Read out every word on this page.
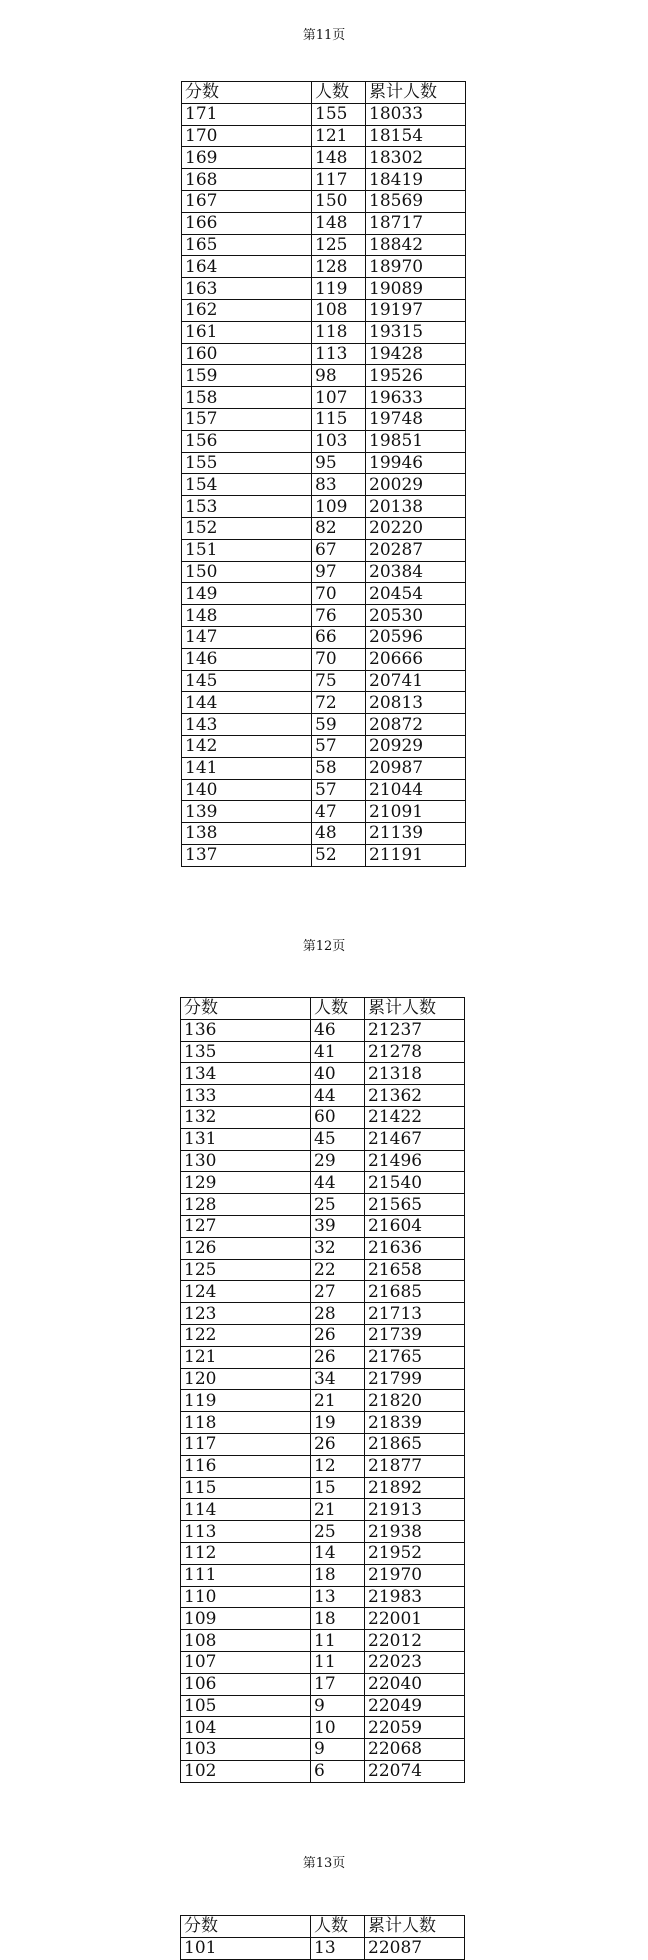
第11页
分数	人数	累计人数
171	155	18033
170	121	18154
169	148	18302
168	117	18419
167	150	18569
166	148	18717
165	125	18842
164	128	18970
163	119	19089
162	108	19197
161	118	19315
160	113	19428
159	98	19526
158	107	19633
157	115	19748
156	103	19851
155	95	19946
154	83	20029
153	109	20138
152	82	20220
151	67	20287
150	97	20384
149	70	20454
148	76	20530
147	66	20596
146	70	20666
145	75	20741
144	72	20813
143	59	20872
142	57	20929
141	58	20987
140	57	21044
139	47	21091
138	48	21139
137	52	21191
第12页
分数	人数	累计人数
136	46	21237
135	41	21278
134	40	21318
133	44	21362
132	60	21422
131	45	21467
130	29	21496
129	44	21540
128	25	21565
127	39	21604
126	32	21636
125	22	21658
124	27	21685
123	28	21713
122	26	21739
121	26	21765
120	34	21799
119	21	21820
118	19	21839
117	26	21865
116	12	21877
115	15	21892
114	21	21913
113	25	21938
112	14	21952
111	18	21970
110	13	21983
109	18	22001
108	11	22012
107	11	22023
106	17	22040
105	9	22049
104	10	22059
103	9	22068
102	6	22074
第13页
分数	人数	累计人数
101	13	22087
